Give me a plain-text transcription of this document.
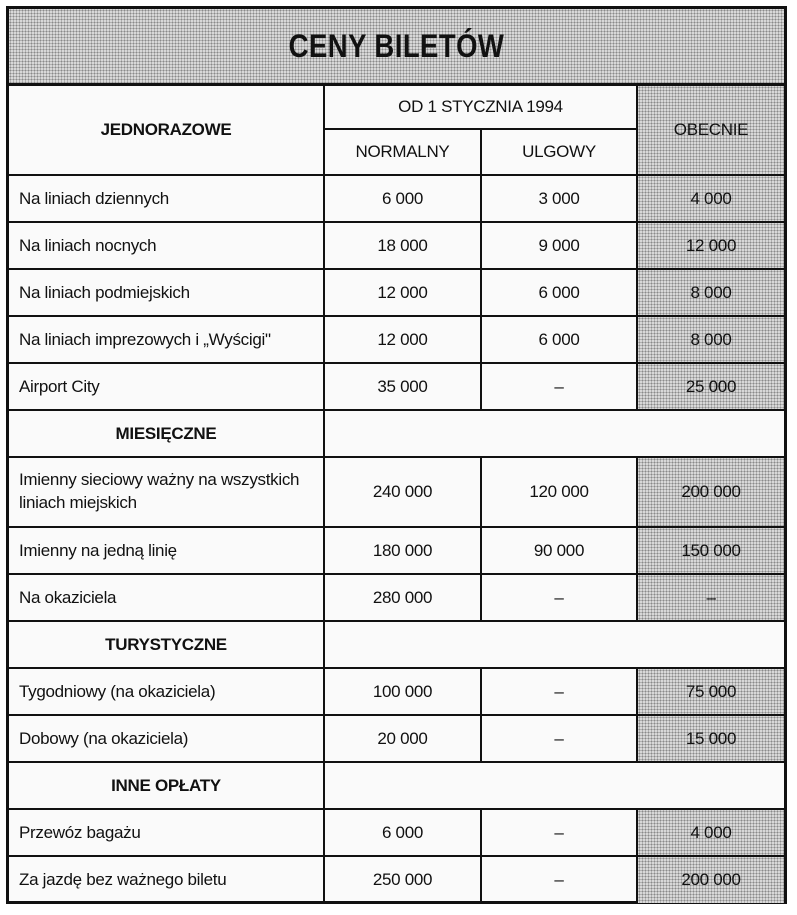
CENY BILETÓW
JEDNORAZOWE	OD 1 STYCZNIA 1994		OBECNIE
	NORMALNY	ULGOWY	
Na liniach dziennych	6 000	3 000	4 000
Na liniach nocnych	18 000	9 000	12 000
Na liniach podmiejskich	12 000	6 000	8 000
Na liniach imprezowych i „Wyścigi"	12 000	6 000	8 000
Airport City	35 000	–	25 000
MIESIĘCZNE			
Imienny sieciowy ważny na wszystkich liniach miejskich	240 000	120 000	200 000
Imienny na jedną linię	180 000	90 000	150 000
Na okaziciela	280 000	–	–
TURYSTYCZNE			
Tygodniowy (na okaziciela)	100 000	–	75 000
Dobowy (na okaziciela)	20 000	–	15 000
INNE OPŁATY			
Przewóz bagażu	6 000	–	4 000
Za jazdę bez ważnego biletu	250 000	–	200 000
